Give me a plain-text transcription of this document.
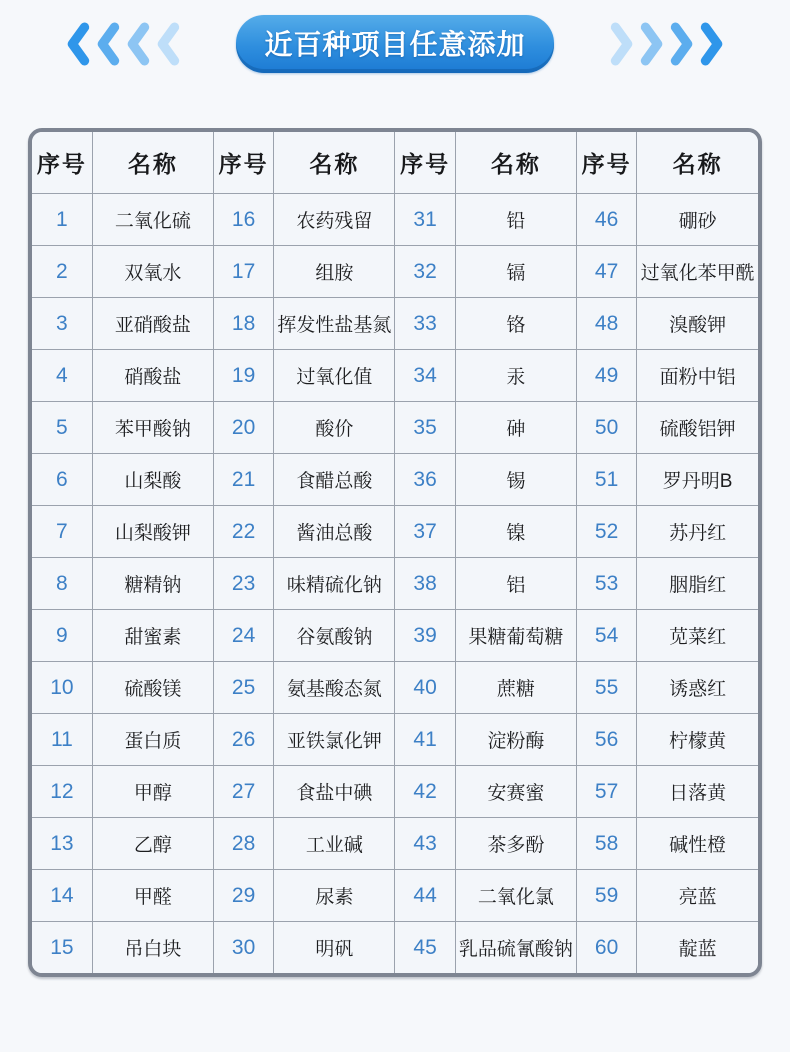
近百种项目任意添加
序号	名称	序号	名称	序号	名称	序号	名称
1	二氧化硫	16	农药残留	31	铅	46	硼砂
2	双氧水	17	组胺	32	镉	47	过氧化苯甲酰
3	亚硝酸盐	18	挥发性盐基氮	33	铬	48	溴酸钾
4	硝酸盐	19	过氧化值	34	汞	49	面粉中铝
5	苯甲酸钠	20	酸价	35	砷	50	硫酸铝钾
6	山梨酸	21	食醋总酸	36	锡	51	罗丹明B
7	山梨酸钾	22	酱油总酸	37	镍	52	苏丹红
8	糖精钠	23	味精硫化钠	38	铝	53	胭脂红
9	甜蜜素	24	谷氨酸钠	39	果糖葡萄糖	54	苋菜红
10	硫酸镁	25	氨基酸态氮	40	蔗糖	55	诱惑红
11	蛋白质	26	亚铁氯化钾	41	淀粉酶	56	柠檬黄
12	甲醇	27	食盐中碘	42	安赛蜜	57	日落黄
13	乙醇	28	工业碱	43	茶多酚	58	碱性橙
14	甲醛	29	尿素	44	二氧化氯	59	亮蓝
15	吊白块	30	明矾	45	乳品硫氰酸钠	60	靛蓝
